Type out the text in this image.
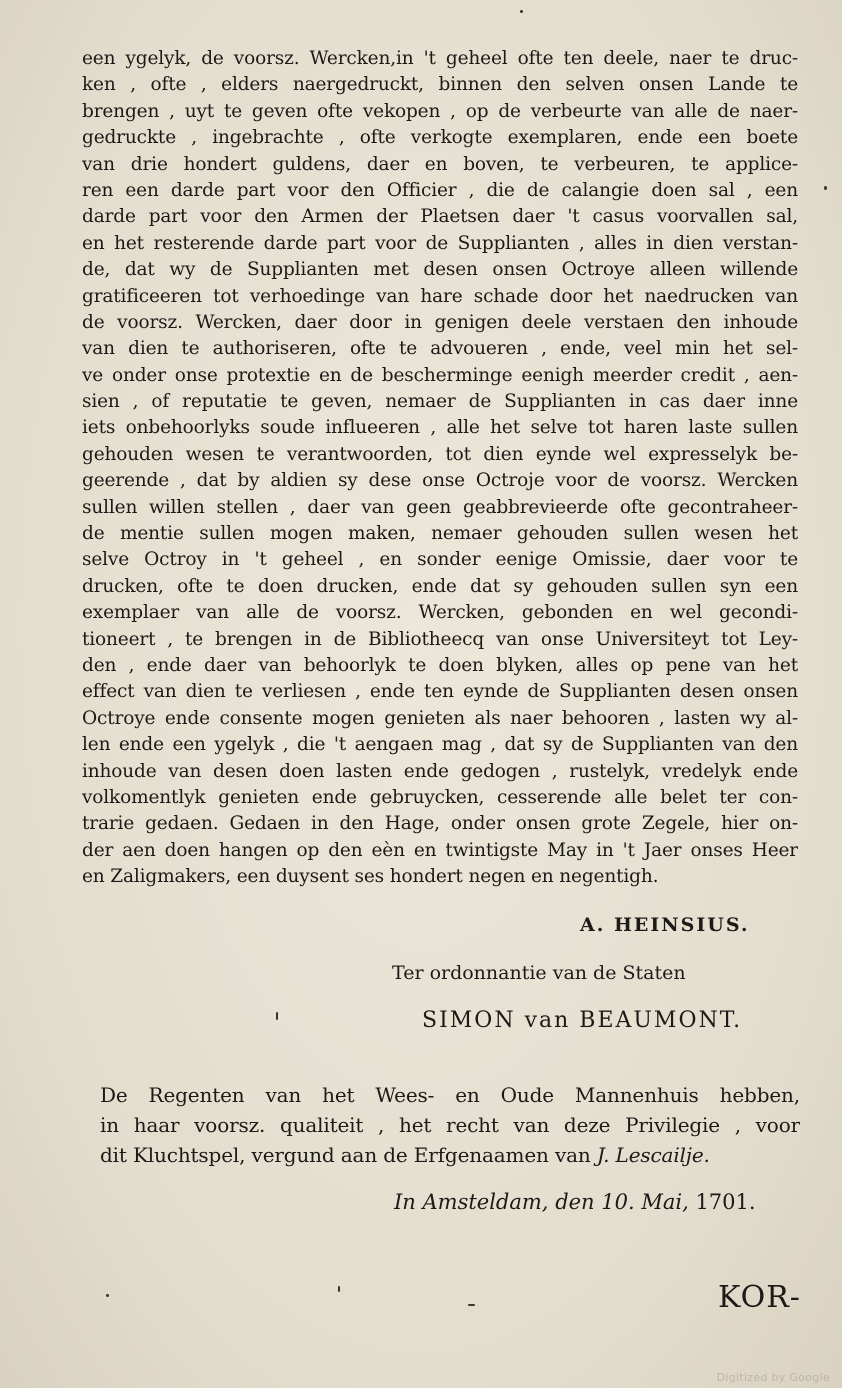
een ygelyk, de voorsz. Wercken,in 't geheel ofte ten deele, naer te druc-
ken , ofte , elders naergedruckt, binnen den selven onsen Lande te
brengen , uyt te geven ofte vekopen , op de verbeurte van alle de naer-
gedruckte , ingebrachte , ofte verkogte exemplaren, ende een boete
van drie hondert guldens, daer en boven, te verbeuren, te applice-
ren een darde part voor den Officier , die de calangie doen sal , een
darde part voor den Armen der Plaetsen daer 't casus voorvallen sal,
en het resterende darde part voor de Supplianten , alles in dien verstan-
de, dat wy de Supplianten met desen onsen Octroye alleen willende
gratificeeren tot verhoedinge van hare schade door het naedrucken van
de voorsz. Wercken, daer door in genigen deele verstaen den inhoude
van dien te authoriseren, ofte te advoueren , ende, veel min het sel-
ve onder onse protextie en de bescherminge eenigh meerder credit , aen-
sien , of reputatie te geven, nemaer de Supplianten in cas daer inne
iets onbehoorlyks soude influeeren , alle het selve tot haren laste sullen
gehouden wesen te verantwoorden, tot dien eynde wel expresselyk be-
geerende , dat by aldien sy dese onse Octroje voor de voorsz. Wercken
sullen willen stellen , daer van geen geabbrevieerde ofte gecontraheer-
de mentie sullen mogen maken, nemaer gehouden sullen wesen het
selve Octroy in 't geheel , en sonder eenige Omissie, daer voor te
drucken, ofte te doen drucken, ende dat sy gehouden sullen syn een
exemplaer van alle de voorsz. Wercken, gebonden en wel gecondi-
tioneert , te brengen in de Bibliotheecq van onse Universiteyt tot Ley-
den , ende daer van behoorlyk te doen blyken, alles op pene van het
effect van dien te verliesen , ende ten eynde de Supplianten desen onsen
Octroye ende consente mogen genieten als naer behooren , lasten wy al-
len ende een ygelyk , die 't aengaen mag , dat sy de Supplianten van den
inhoude van desen doen lasten ende gedogen , rustelyk, vredelyk ende
volkomentlyk genieten ende gebruycken, cesserende alle belet ter con-
trarie gedaen. Gedaen in den Hage, onder onsen grote Zegele, hier on-
der aen doen hangen op den eèn en twintigste May in 't Jaer onses Heer
en Zaligmakers, een duysent ses hondert negen en negentigh.
A. HEINSIUS.
Ter ordonnantie van de Staten
SIMON van BEAUMONT.
De Regenten van het Wees- en Oude Mannenhuis hebben,
in haar voorsz. qualiteit , het recht van deze Privilegie , voor
dit Kluchtspel, vergund aan de Erfgenaamen van J. Lescailje.
In Amsteldam, den 10. Mai, 1701.
KOR-
Digitized by Google
